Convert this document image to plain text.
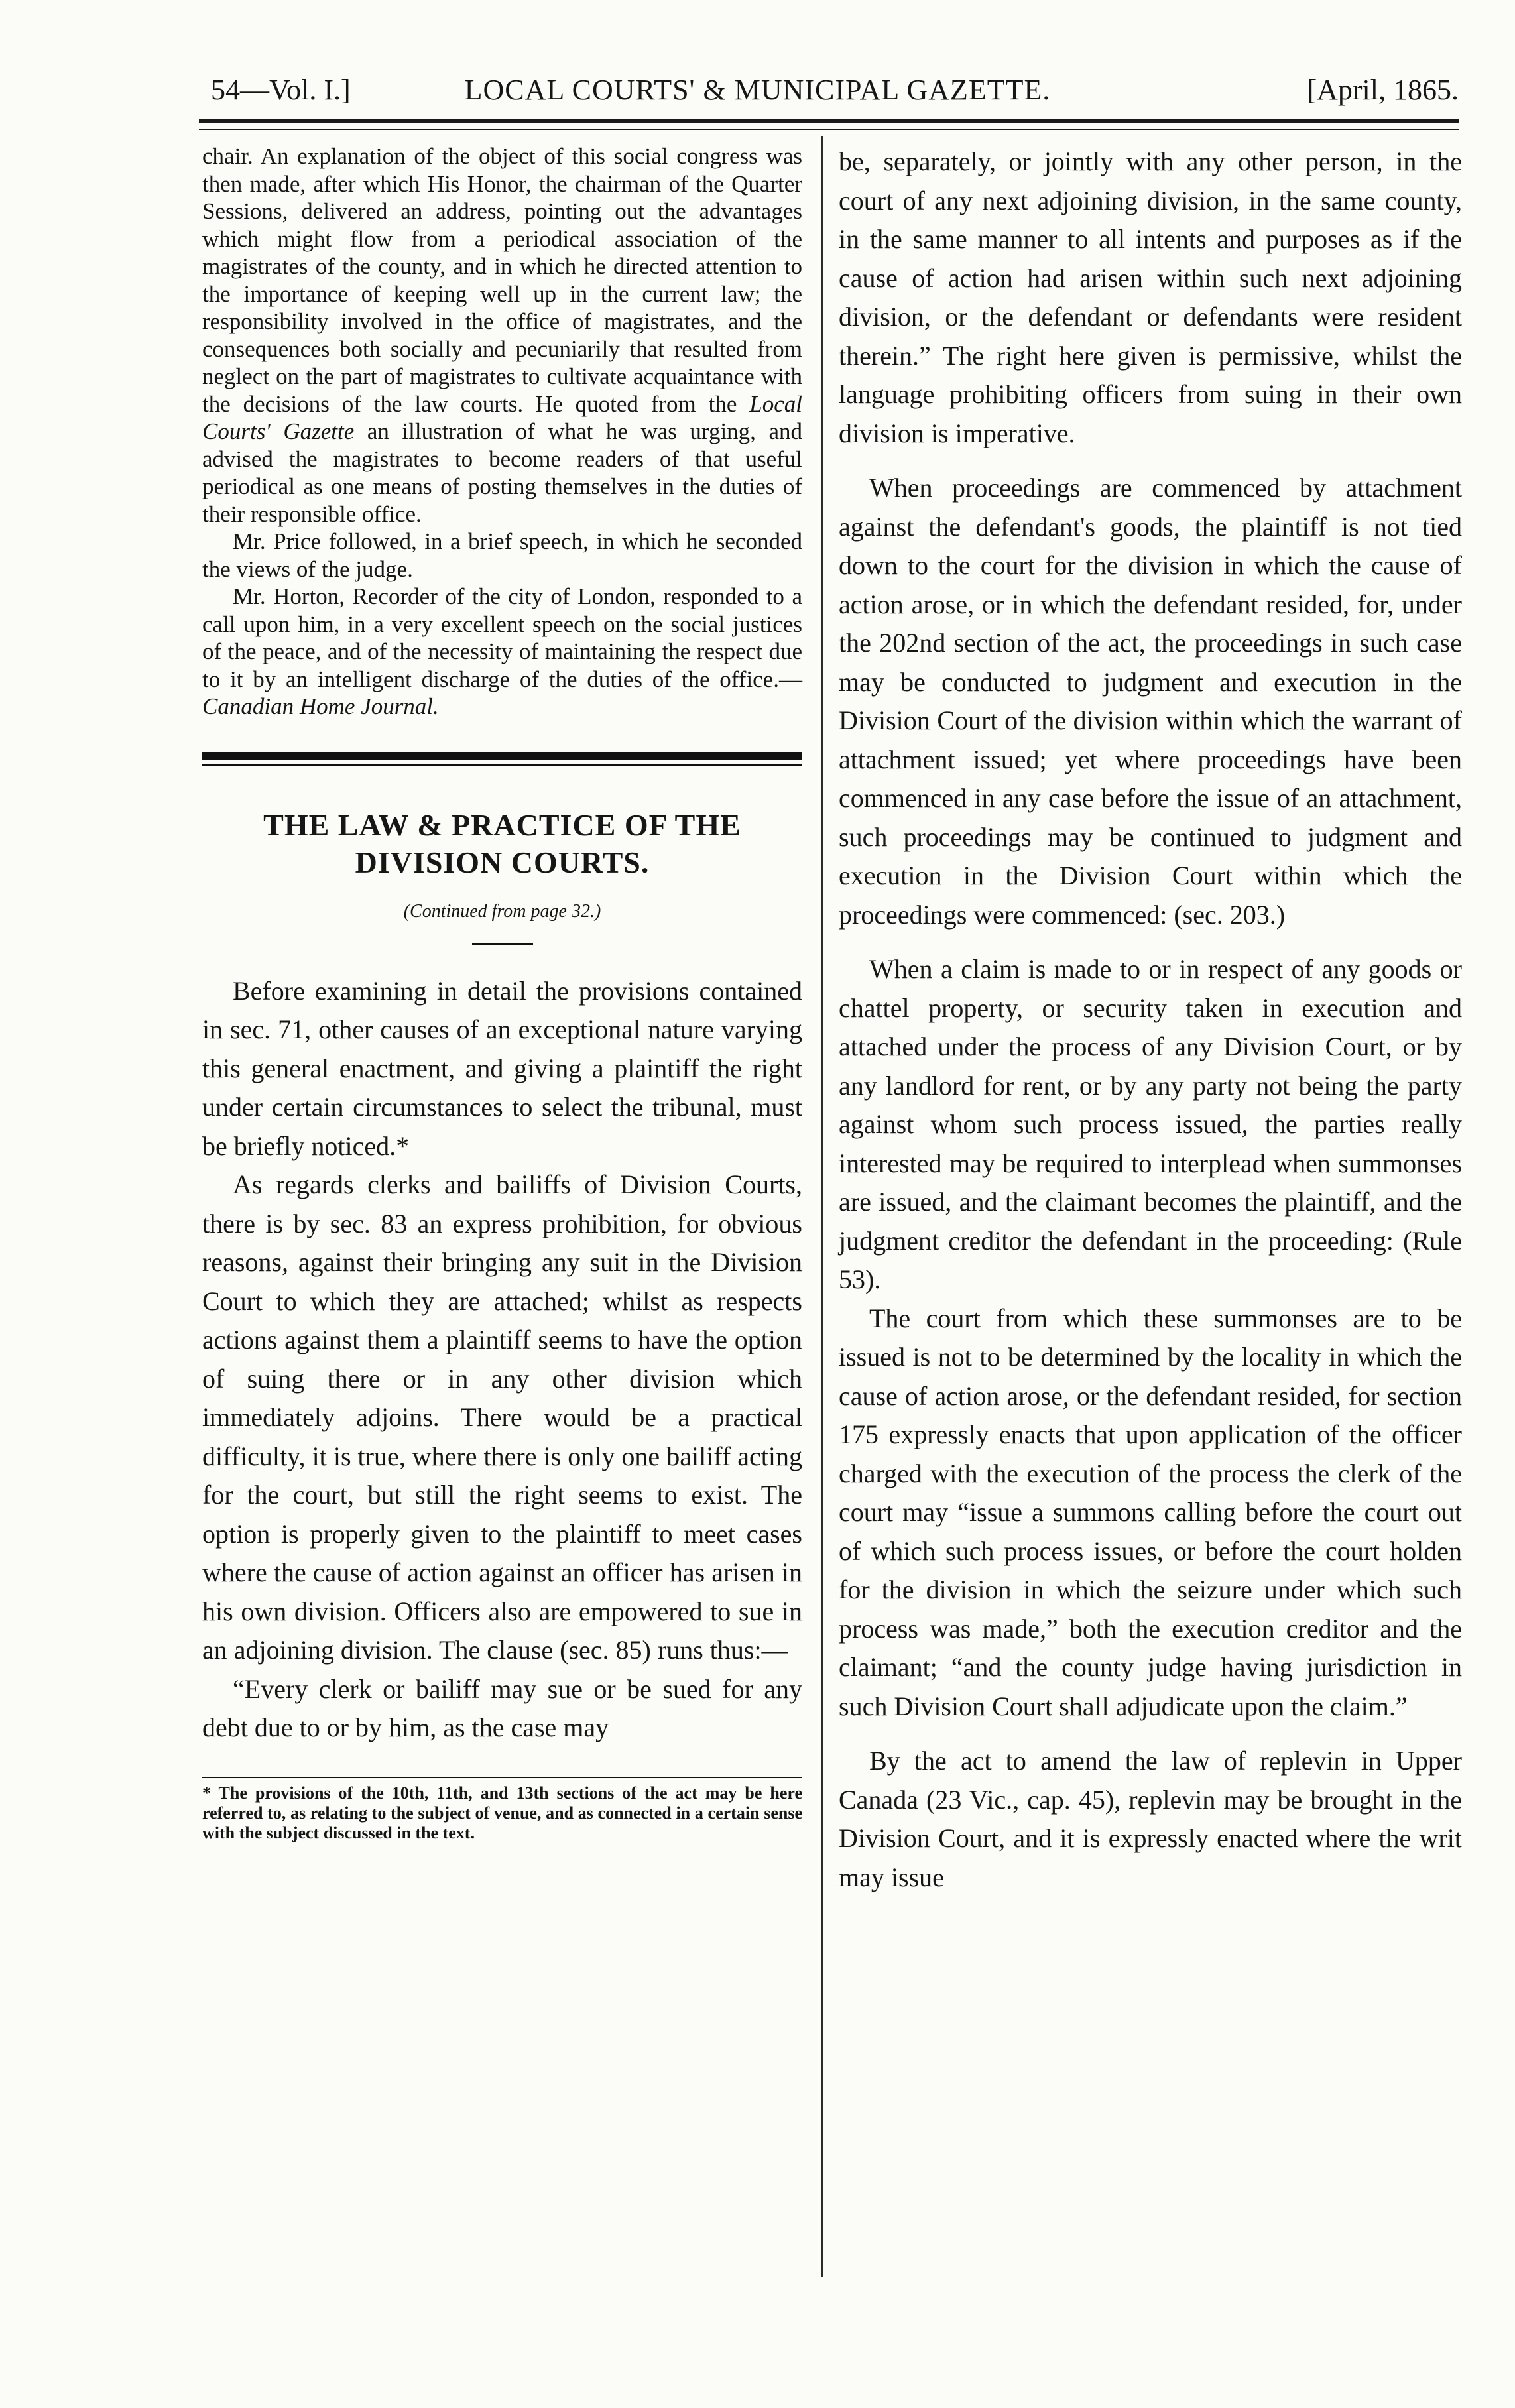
54—Vol. I.]	LOCAL COURTS' & MUNICIPAL GAZETTE.	[April, 1865.

chair. An explanation of the object of this social congress was then made, after which His Honor, the chairman of the Quarter Sessions, delivered an address, pointing out the advantages which might flow from a periodical association of the magistrates of the county, and in which he directed attention to the importance of keeping well up in the current law; the responsibility involved in the office of magistrates, and the consequences both socially and pecuniarily that resulted from neglect on the part of magistrates to cultivate acquaintance with the decisions of the law courts. He quoted from the Local Courts' Gazette an illustration of what he was urging, and advised the magistrates to become readers of that useful periodical as one means of posting themselves in the duties of their responsible office.

Mr. Price followed, in a brief speech, in which he seconded the views of the judge.

Mr. Horton, Recorder of the city of London, responded to a call upon him, in a very excellent speech on the social justices of the peace, and of the necessity of maintaining the respect due to it by an intelligent discharge of the duties of the office.—Canadian Home Journal.

THE LAW & PRACTICE OF THE
DIVISION COURTS.
(Continued from page 32.)

Before examining in detail the provisions contained in sec. 71, other causes of an exceptional nature varying this general enactment, and giving a plaintiff the right under certain circumstances to select the tribunal, must be briefly noticed.*

As regards clerks and bailiffs of Division Courts, there is by sec. 83 an express prohibition, for obvious reasons, against their bringing any suit in the Division Court to which they are attached; whilst as respects actions against them a plaintiff seems to have the option of suing there or in any other division which immediately adjoins. There would be a practical difficulty, it is true, where there is only one bailiff acting for the court, but still the right seems to exist. The option is properly given to the plaintiff to meet cases where the cause of action against an officer has arisen in his own division. Officers also are empowered to sue in an adjoining division. The clause (sec. 85) runs thus:—

“Every clerk or bailiff may sue or be sued for any debt due to or by him, as the case may

* The provisions of the 10th, 11th, and 13th sections of the act may be here referred to, as relating to the subject of venue, and as connected in a certain sense with the subject discussed in the text.

be, separately, or jointly with any other person, in the court of any next adjoining division, in the same county, in the same manner to all intents and purposes as if the cause of action had arisen within such next adjoining division, or the defendant or defendants were resident therein.” The right here given is permissive, whilst the language prohibiting officers from suing in their own division is imperative.

When proceedings are commenced by attachment against the defendant's goods, the plaintiff is not tied down to the court for the division in which the cause of action arose, or in which the defendant resided, for, under the 202nd section of the act, the proceedings in such case may be conducted to judgment and execution in the Division Court of the division within which the warrant of attachment issued; yet where proceedings have been commenced in any case before the issue of an attachment, such proceedings may be continued to judgment and execution in the Division Court within which the proceedings were commenced: (sec. 203.)

When a claim is made to or in respect of any goods or chattel property, or security taken in execution and attached under the process of any Division Court, or by any landlord for rent, or by any party not being the party against whom such process issued, the parties really interested may be required to interplead when summonses are issued, and the claimant becomes the plaintiff, and the judgment creditor the defendant in the proceeding: (Rule 53).

The court from which these summonses are to be issued is not to be determined by the locality in which the cause of action arose, or the defendant resided, for section 175 expressly enacts that upon application of the officer charged with the execution of the process the clerk of the court may “issue a summons calling before the court out of which such process issues, or before the court holden for the division in which the seizure under which such process was made,” both the execution creditor and the claimant; “and the county judge having jurisdiction in such Division Court shall adjudicate upon the claim.”

By the act to amend the law of replevin in Upper Canada (23 Vic., cap. 45), replevin may be brought in the Division Court, and it is expressly enacted where the writ may issue
